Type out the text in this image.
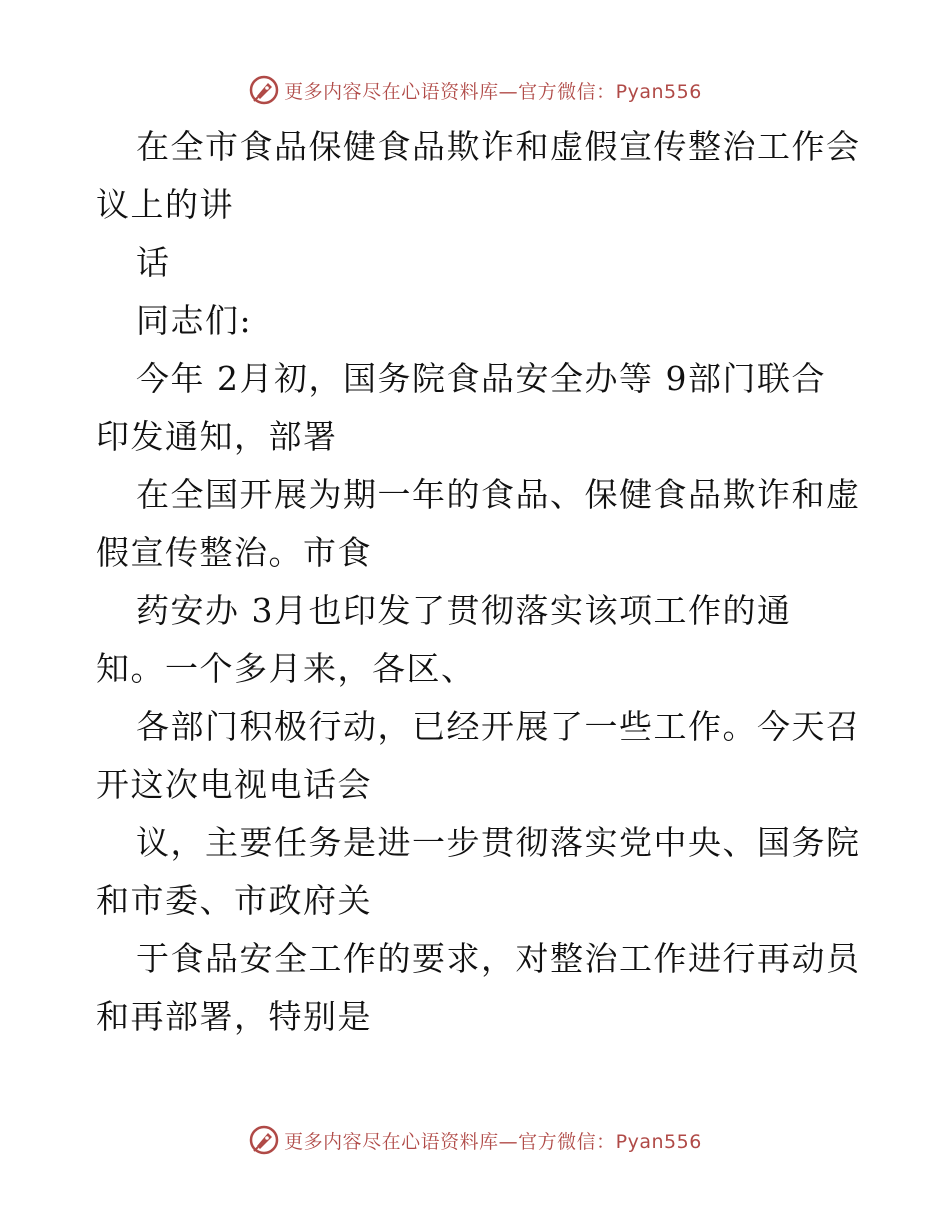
更多内容尽在心语资料库—官方微信：Pyan556
在全市食品保健食品欺诈和虚假宣传整治工作会
议上的讲
话
同志们:
今年 2月初，国务院食品安全办等 9部门联合
印发通知，部署
在全国开展为期一年的食品、保健食品欺诈和虚
假宣传整治。市食
药安办 3月也印发了贯彻落实该项工作的通
知。一个多月来，各区、
各部门积极行动，已经开展了一些工作。今天召
开这次电视电话会
议，主要任务是进一步贯彻落实党中央、国务院
和市委、市政府关
于食品安全工作的要求，对整治工作进行再动员
和再部署，特别是
更多内容尽在心语资料库—官方微信：Pyan556
